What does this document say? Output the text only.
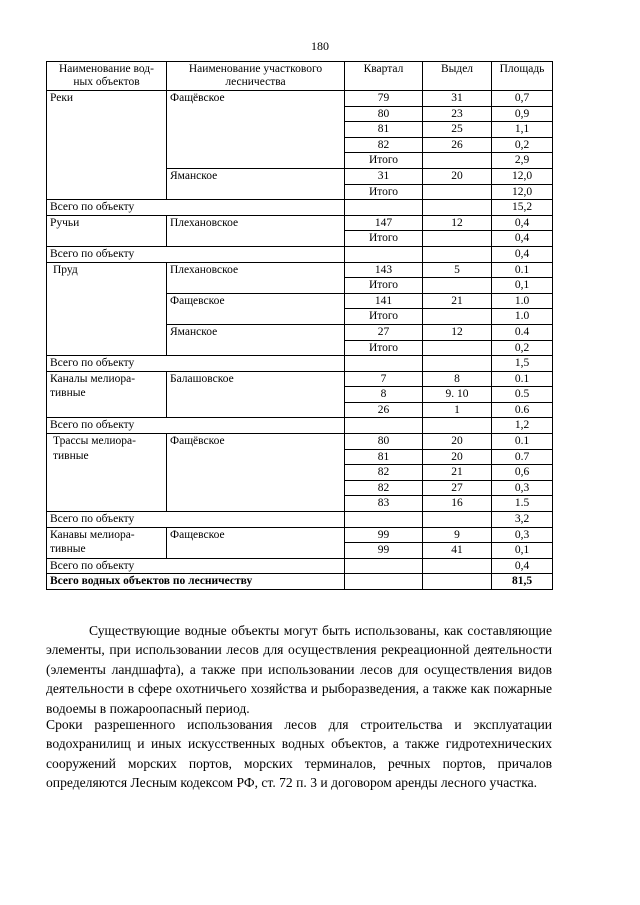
180
Наименование вод-ных объектов	Наименование участкового лесничества	Квартал	Выдел	Площадь
Реки	Фащёвское	79	31	0,7
		80	23	0,9
		81	25	1,1
		82	26	0,2
		Итого		2,9
	Яманское	31	20	12,0
		Итого		12,0
Всего по объекту				15,2
Ручьи	Плехановское	147	12	0,4
		Итого		0,4
Всего по объекту				0,4
Пруд	Плехановское	143	5	0.1
		Итого		0,1
	Фащевское	141	21	1.0
		Итого		1.0
	Яманское	27	12	0.4
		Итого		0,2
Всего по объекту				1,5
Каналы мелиора-тивные	Балашовское	7	8	0.1
		8	9. 10	0.5
		26	1	0.6
Всего по объекту				1,2
Трассы мелиора-тивные	Фащёвское	80	20	0.1
		81	20	0.7
		82	21	0,6
		82	27	0,3
		83	16	1.5
Всего по объекту				3,2
Канавы мелиора-тивные	Фащевское	99	9	0,3
		99	41	0,1
Всего по объекту				0,4
Всего водных объектов по лесничеству				81,5

Существующие водные объекты могут быть использованы, как составляющие элементы, при использовании лесов для осуществления рекреационной деятельности (элементы ландшафта), а также при использовании лесов для осуществления видов деятельности в сфере охотничьего хозяйства и рыборазведения, а также как пожарные водоемы в пожароопасный период.

Сроки разрешенного использования лесов для строительства и эксплуатации водохранилищ и иных искусственных водных объектов, а также гидротехнических сооружений морских портов, морских терминалов, речных портов, причалов определяются Лесным кодексом РФ, ст. 72 п. 3 и договором аренды лесного участка.
